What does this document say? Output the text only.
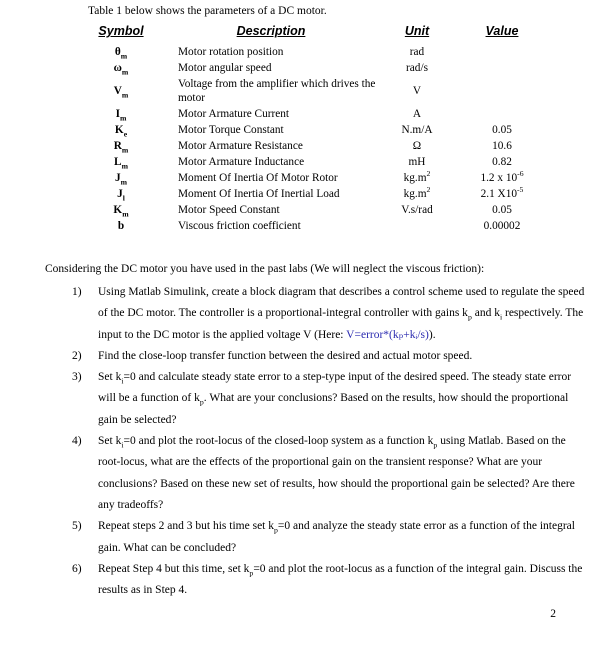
Table 1 below shows the parameters of a DC motor.
Symbol	Description	Unit	Value
$\theta_m$	Motor rotation position	rad	
$\omega_m$	Motor angular speed	rad/s	
$V_m$	Voltage from the amplifier which drives the motor	V	
$I_m$	Motor Armature Current	A	
$K_e$	Motor Torque Constant	N.m/A	0.05
$R_m$	Motor Armature Resistance	Ω	10.6
$L_m$	Motor Armature Inductance	mH	0.82
$J_m$	Moment Of Inertia Of Motor Rotor	$kg.m^2$	1.2 x $10^{-6}$
$J_l$	Moment Of Inertia Of Inertial Load	$kg.m^2$	2.1 $X10^{-5}$
$K_m$	Motor Speed Constant	V.s/rad	0.05
b	Viscous friction coefficient		0.00002
Considering the DC motor you have used in the past labs (We will neglect the viscous friction):
1) Using Matlab Simulink, create a block diagram that describes a control scheme used to regulate the speed of the DC motor. The controller is a proportional-integral controller with gains $k_p$ and $k_i$ respectively. The input to the DC motor is the applied voltage V (Here: V=error*(kₚ+kᵢ/s)).
2) Find the close-loop transfer function between the desired and actual motor speed.
3) Set $k_i=0$ and calculate steady state error to a step-type input of the desired speed. The steady state error will be a function of $k_p$. What are your conclusions? Based on the results, how should the proportional gain be selected?
4) Set $k_i=0$ and plot the root-locus of the closed-loop system as a function $k_p$ using Matlab. Based on the root-locus, what are the effects of the proportional gain on the transient response? What are your conclusions? Based on these new set of results, how should the proportional gain be selected? Are there any tradeoffs?
5) Repeat steps 2 and 3 but his time set $k_p=0$ and analyze the steady state error as a function of the integral gain. What can be concluded?
6) Repeat Step 4 but this time, set $k_p=0$ and plot the root-locus as a function of the integral gain. Discuss the results as in Step 4.
2
